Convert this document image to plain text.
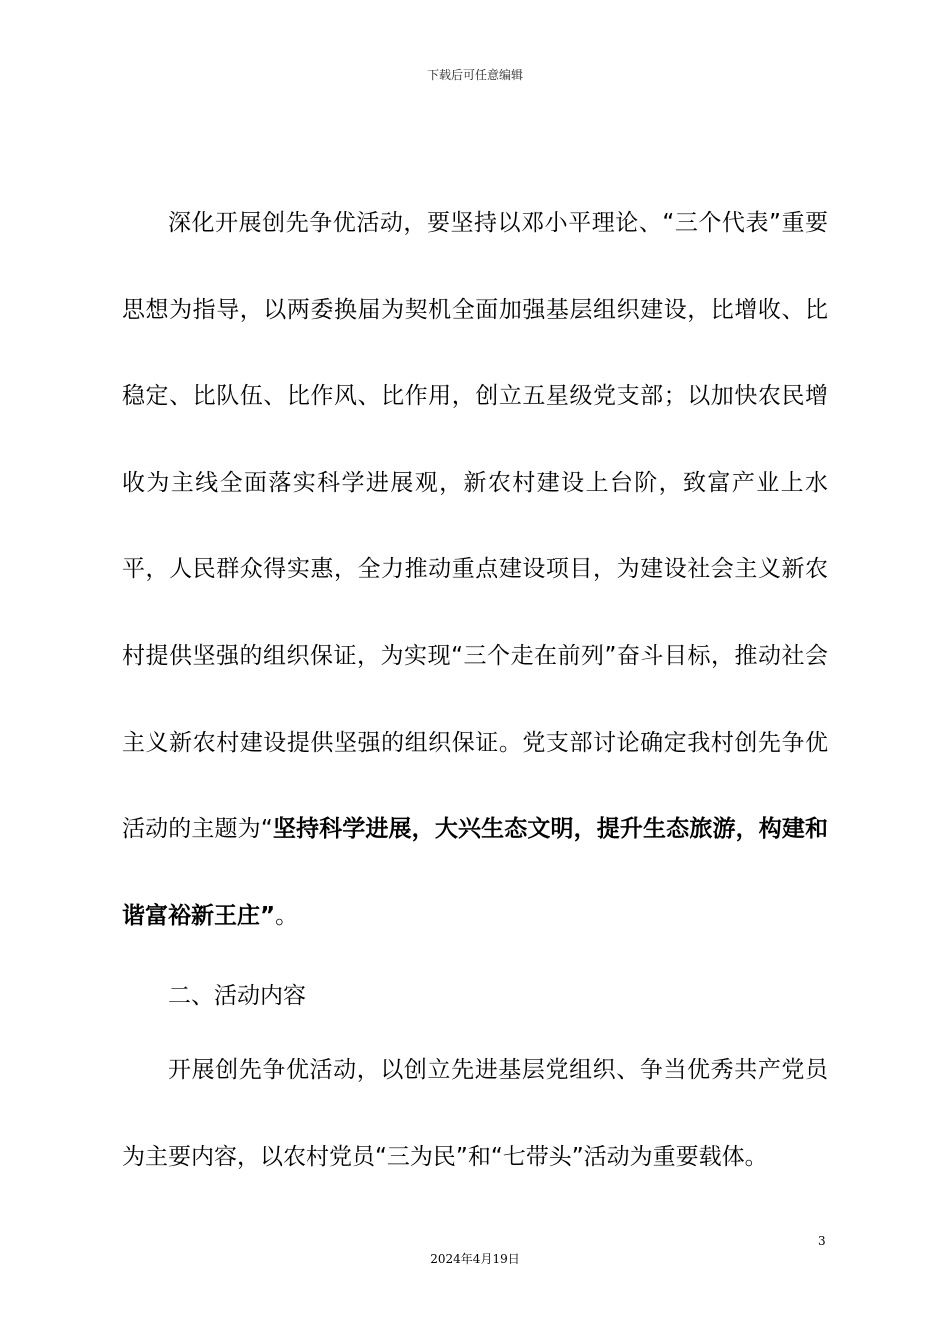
下载后可任意编辑

深化开展创先争优活动，要坚持以邓小平理论、“三个代表”重要思想为指导，以两委换届为契机全面加强基层组织建设，比增收、比稳定、比队伍、比作风、比作用，创立五星级党支部；以加快农民增收为主线全面落实科学进展观，新农村建设上台阶，致富产业上水平，人民群众得实惠，全力推动重点建设项目，为建设社会主义新农村提供坚强的组织保证，为实现“三个走在前列”奋斗目标，推动社会主义新农村建设提供坚强的组织保证。党支部讨论确定我村创先争优活动的主题为“坚持科学进展，大兴生态文明，提升生态旅游，构建和谐富裕新王庄”。

二、活动内容

开展创先争优活动，以创立先进基层党组织、争当优秀共产党员为主要内容，以农村党员“三为民”和“七带头”活动为重要载体。

3
2024年4月19日
